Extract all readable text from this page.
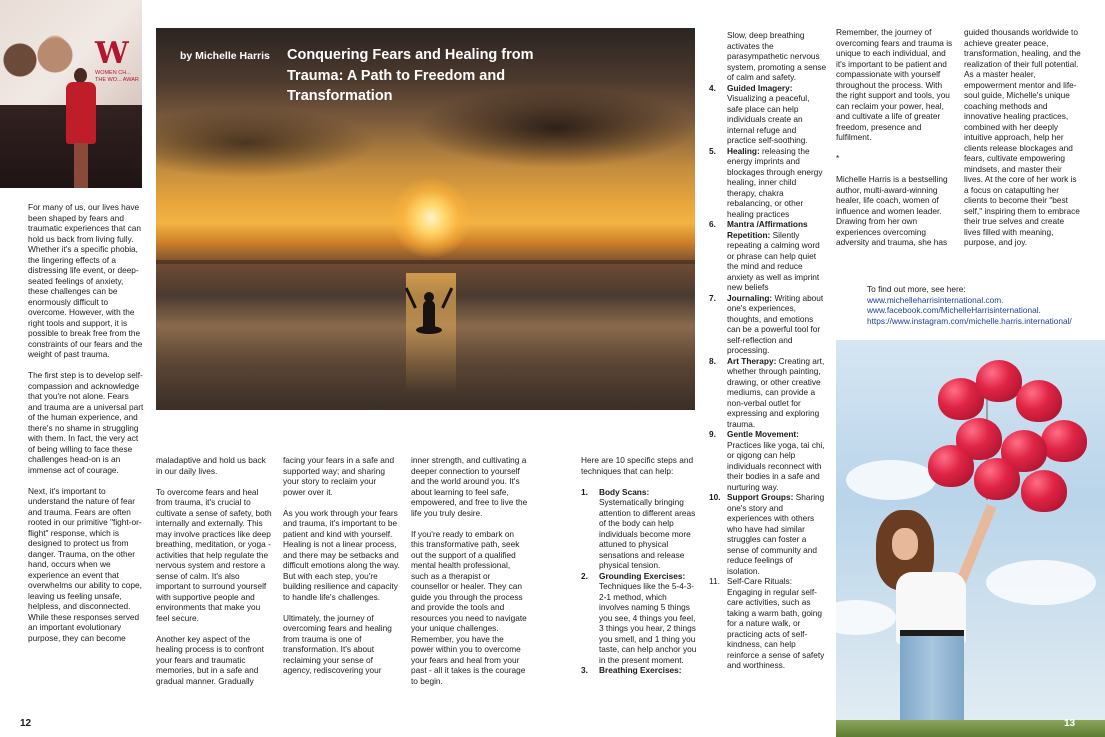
W
WOMEN CH... THE WO... AWAR
by Michelle Harris Conquering Fears and Healing from Trauma: A Path to Freedom and Transformation

For many of us, our lives have been shaped by fears and traumatic experiences that can hold us back from living fully. Whether it's a specific phobia, the lingering effects of a distressing life event, or deep-seated feelings of anxiety, these challenges can be enormously difficult to overcome. However, with the right tools and support, it is possible to break free from the constraints of our fears and the weight of past trauma.

The first step is to develop self-compassion and acknowledge that you're not alone. Fears and trauma are a universal part of the human experience, and there's no shame in struggling with them. In fact, the very act of being willing to face these challenges head-on is an immense act of courage.

Next, it's important to understand the nature of fear and trauma. Fears are often rooted in our primitive "fight-or-flight" response, which is designed to protect us from danger. Trauma, on the other hand, occurs when we experience an event that overwhelms our ability to cope, leaving us feeling unsafe, helpless, and disconnected. While these responses served an important evolutionary purpose, they can become

maladaptive and hold us back in our daily lives.

To overcome fears and heal from trauma, it's crucial to cultivate a sense of safety, both internally and externally. This may involve practices like deep breathing, meditation, or yoga - activities that help regulate the nervous system and restore a sense of calm. It's also important to surround yourself with supportive people and environments that make you feel secure.

Another key aspect of the healing process is to confront your fears and traumatic memories, but in a safe and gradual manner. Gradually

facing your fears in a safe and supported way; and sharing your story to reclaim your power over it.

As you work through your fears and trauma, it's important to be patient and kind with yourself. Healing is not a linear process, and there may be setbacks and difficult emotions along the way. But with each step, you're building resilience and capacity to handle life's challenges.

Ultimately, the journey of overcoming fears and healing from trauma is one of transformation. It's about reclaiming your sense of agency, rediscovering your

inner strength, and cultivating a deeper connection to yourself and the world around you. It's about learning to feel safe, empowered, and free to live the life you truly desire.

If you're ready to embark on this transformative path, seek out the support of a qualified mental health professional, such as a therapist or counsellor or healer. They can guide you through the process and provide the tools and resources you need to navigate your unique challenges. Remember, you have the power within you to overcome your fears and heal from your past - all it takes is the courage to begin.

Here are 10 specific steps and techniques that can help:

1.	Body Scans:
Systematically bringing attention to different areas of the body can help individuals become more attuned to physical sensations and release physical tension.
2.	Grounding Exercises:
Techniques like the 5-4-3-2-1 method, which involves naming 5 things you see, 4 things you feel, 3 things you hear, 2 things you smell, and 1 thing you taste, can help anchor you in the present moment.
3.	Breathing Exercises:
Slow, deep breathing activates the parasympathetic nervous system, promoting a sense of calm and safety.
4.	Guided Imagery:
Visualizing a peaceful, safe place can help individuals create an internal refuge and practice self-soothing.
5.	Healing: releasing the energy imprints and blockages through energy healing, inner child therapy, chakra rebalancing, or other healing practices
6.	Mantra /Affirmations Repetition: Silently repeating a calming word or phrase can help quiet the mind and reduce anxiety as well as imprint new beliefs
7.	Journaling: Writing about one's experiences, thoughts, and emotions can be a powerful tool for self-reflection and processing.
8.	Art Therapy: Creating art, whether through painting, drawing, or other creative mediums, can provide a non-verbal outlet for expressing and exploring trauma.
9.	Gentle Movement:
Practices like yoga, tai chi, or qigong can help individuals reconnect with their bodies in a safe and nurturing way.
10. Support Groups: Sharing one's story and experiences with others who have had similar struggles can foster a sense of community and reduce feelings of isolation.
11. Self-Care Rituals: Engaging in regular self-care activities, such as taking a warm bath, going for a nature walk, or practicing acts of self-kindness, can help reinforce a sense of safety and worthiness.

Remember, the journey of overcoming fears and trauma is unique to each individual, and it's important to be patient and compassionate with yourself throughout the process. With the right support and tools, you can reclaim your power, heal, and cultivate a life of greater freedom, presence and fulfilment.

*

Michelle Harris is a bestselling author, multi-award-winning healer, life coach, women of influence and women leader. Drawing from her own experiences overcoming adversity and trauma, she has

guided thousands worldwide to achieve greater peace, transformation, healing, and the realization of their full potential. As a master healer, empowerment mentor and life-soul guide, Michelle's unique coaching methods and innovative healing practices, combined with her deeply intuitive approach, help her clients release blockages and fears, cultivate empowering mindsets, and master their lives. At the core of her work is a focus on catapulting her clients to become their "best self," inspiring them to embrace their true selves and create lives filled with meaning, purpose, and joy.

To find out more, see here:
www.michelleharrisinternational.com.
www.facebook.com/MichelleHarrisinternational.
https://www.instagram.com/michelle.harris.international/
12	13
